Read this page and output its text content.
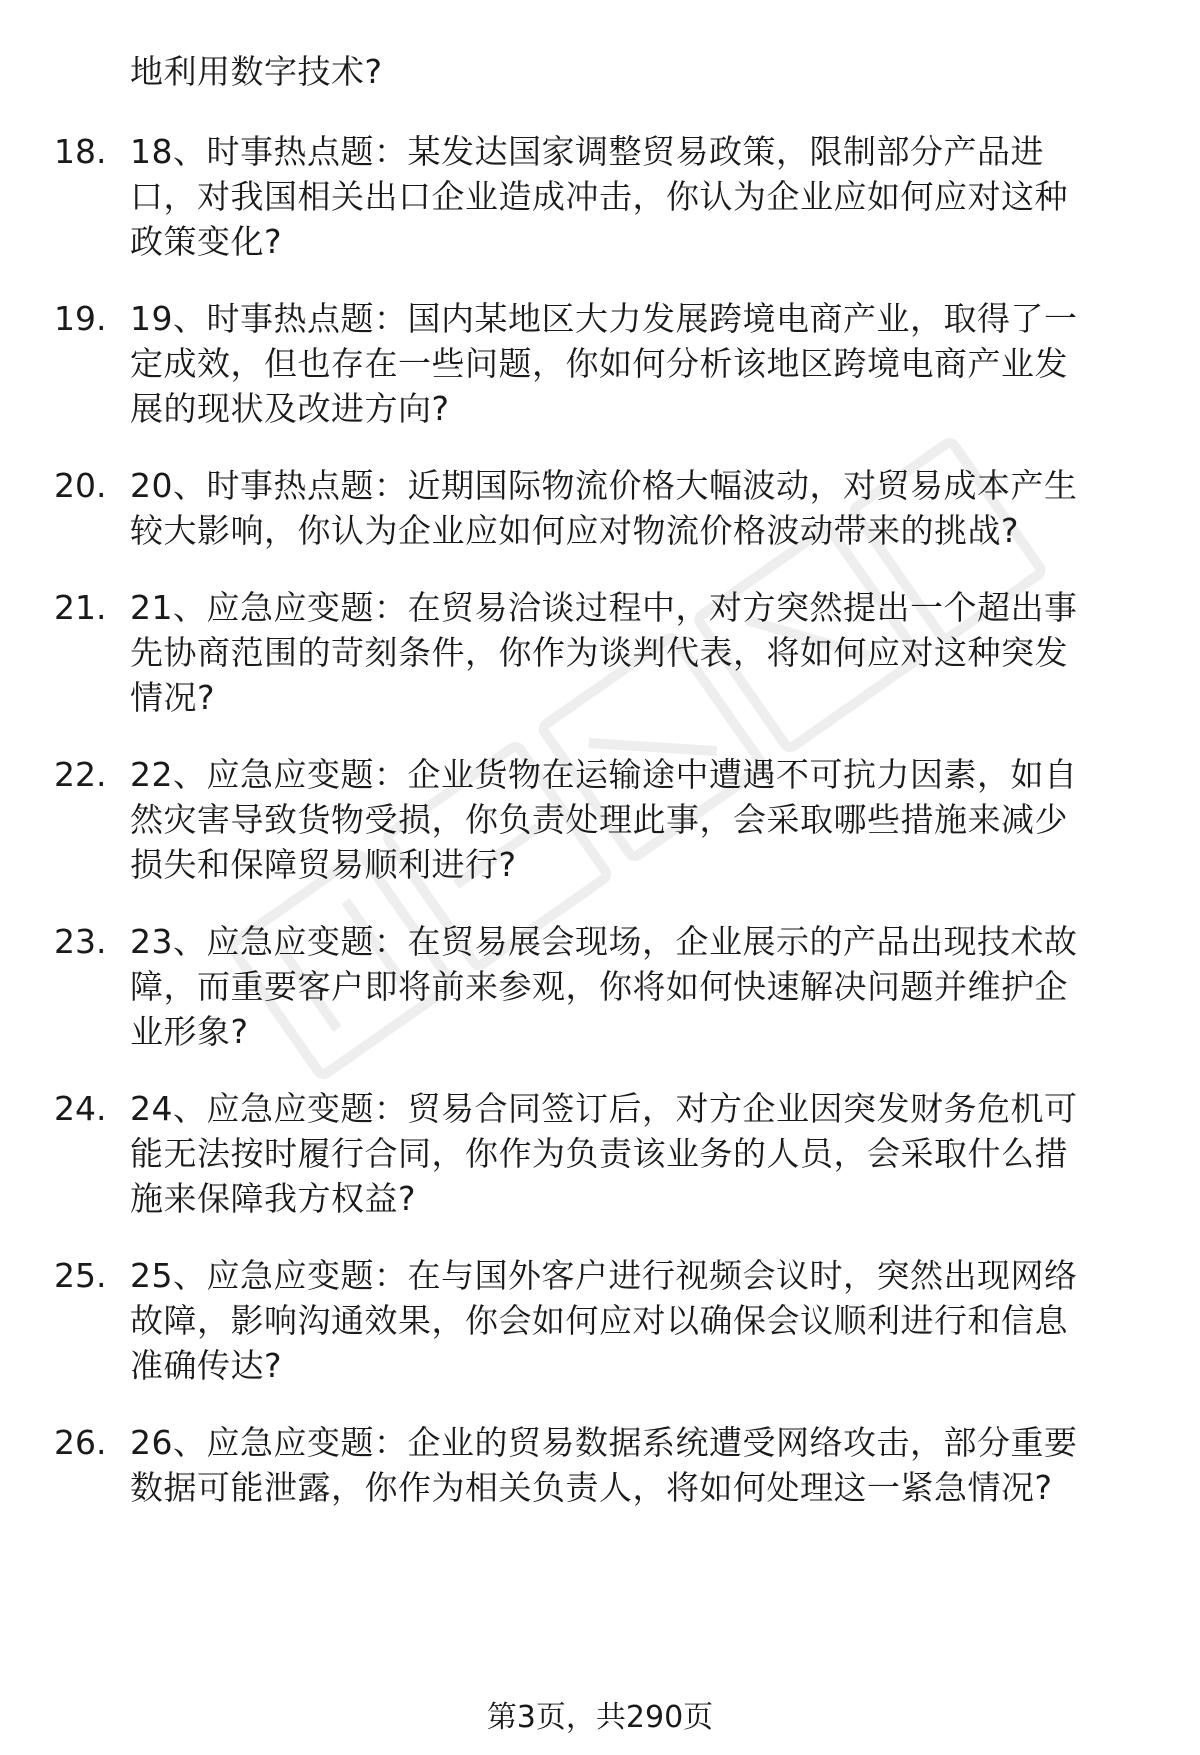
地利用数字技术?
18. 18、时事热点题：某发达国家调整贸易政策，限制部分产品进
口，对我国相关出口企业造成冲击，你认为企业应如何应对这种
政策变化?
19. 19、时事热点题：国内某地区大力发展跨境电商产业，取得了一
定成效，但也存在一些问题，你如何分析该地区跨境电商产业发
展的现状及改进方向?
20. 20、时事热点题：近期国际物流价格大幅波动，对贸易成本产生
较大影响，你认为企业应如何应对物流价格波动带来的挑战?
21. 21、应急应变题：在贸易洽谈过程中，对方突然提出一个超出事
先协商范围的苛刻条件，你作为谈判代表，将如何应对这种突发
情况?
22. 22、应急应变题：企业货物在运输途中遭遇不可抗力因素，如自
然灾害导致货物受损，你负责处理此事，会采取哪些措施来减少
损失和保障贸易顺利进行?
23. 23、应急应变题：在贸易展会现场，企业展示的产品出现技术故
障，而重要客户即将前来参观，你将如何快速解决问题并维护企
业形象?
24. 24、应急应变题：贸易合同签订后，对方企业因突发财务危机可
能无法按时履行合同，你作为负责该业务的人员，会采取什么措
施来保障我方权益?
25. 25、应急应变题：在与国外客户进行视频会议时，突然出现网络
故障，影响沟通效果，你会如何应对以确保会议顺利进行和信息
准确传达?
26. 26、应急应变题：企业的贸易数据系统遭受网络攻击，部分重要
数据可能泄露，你作为相关负责人，将如何处理这一紧急情况?
第3页，共290页
